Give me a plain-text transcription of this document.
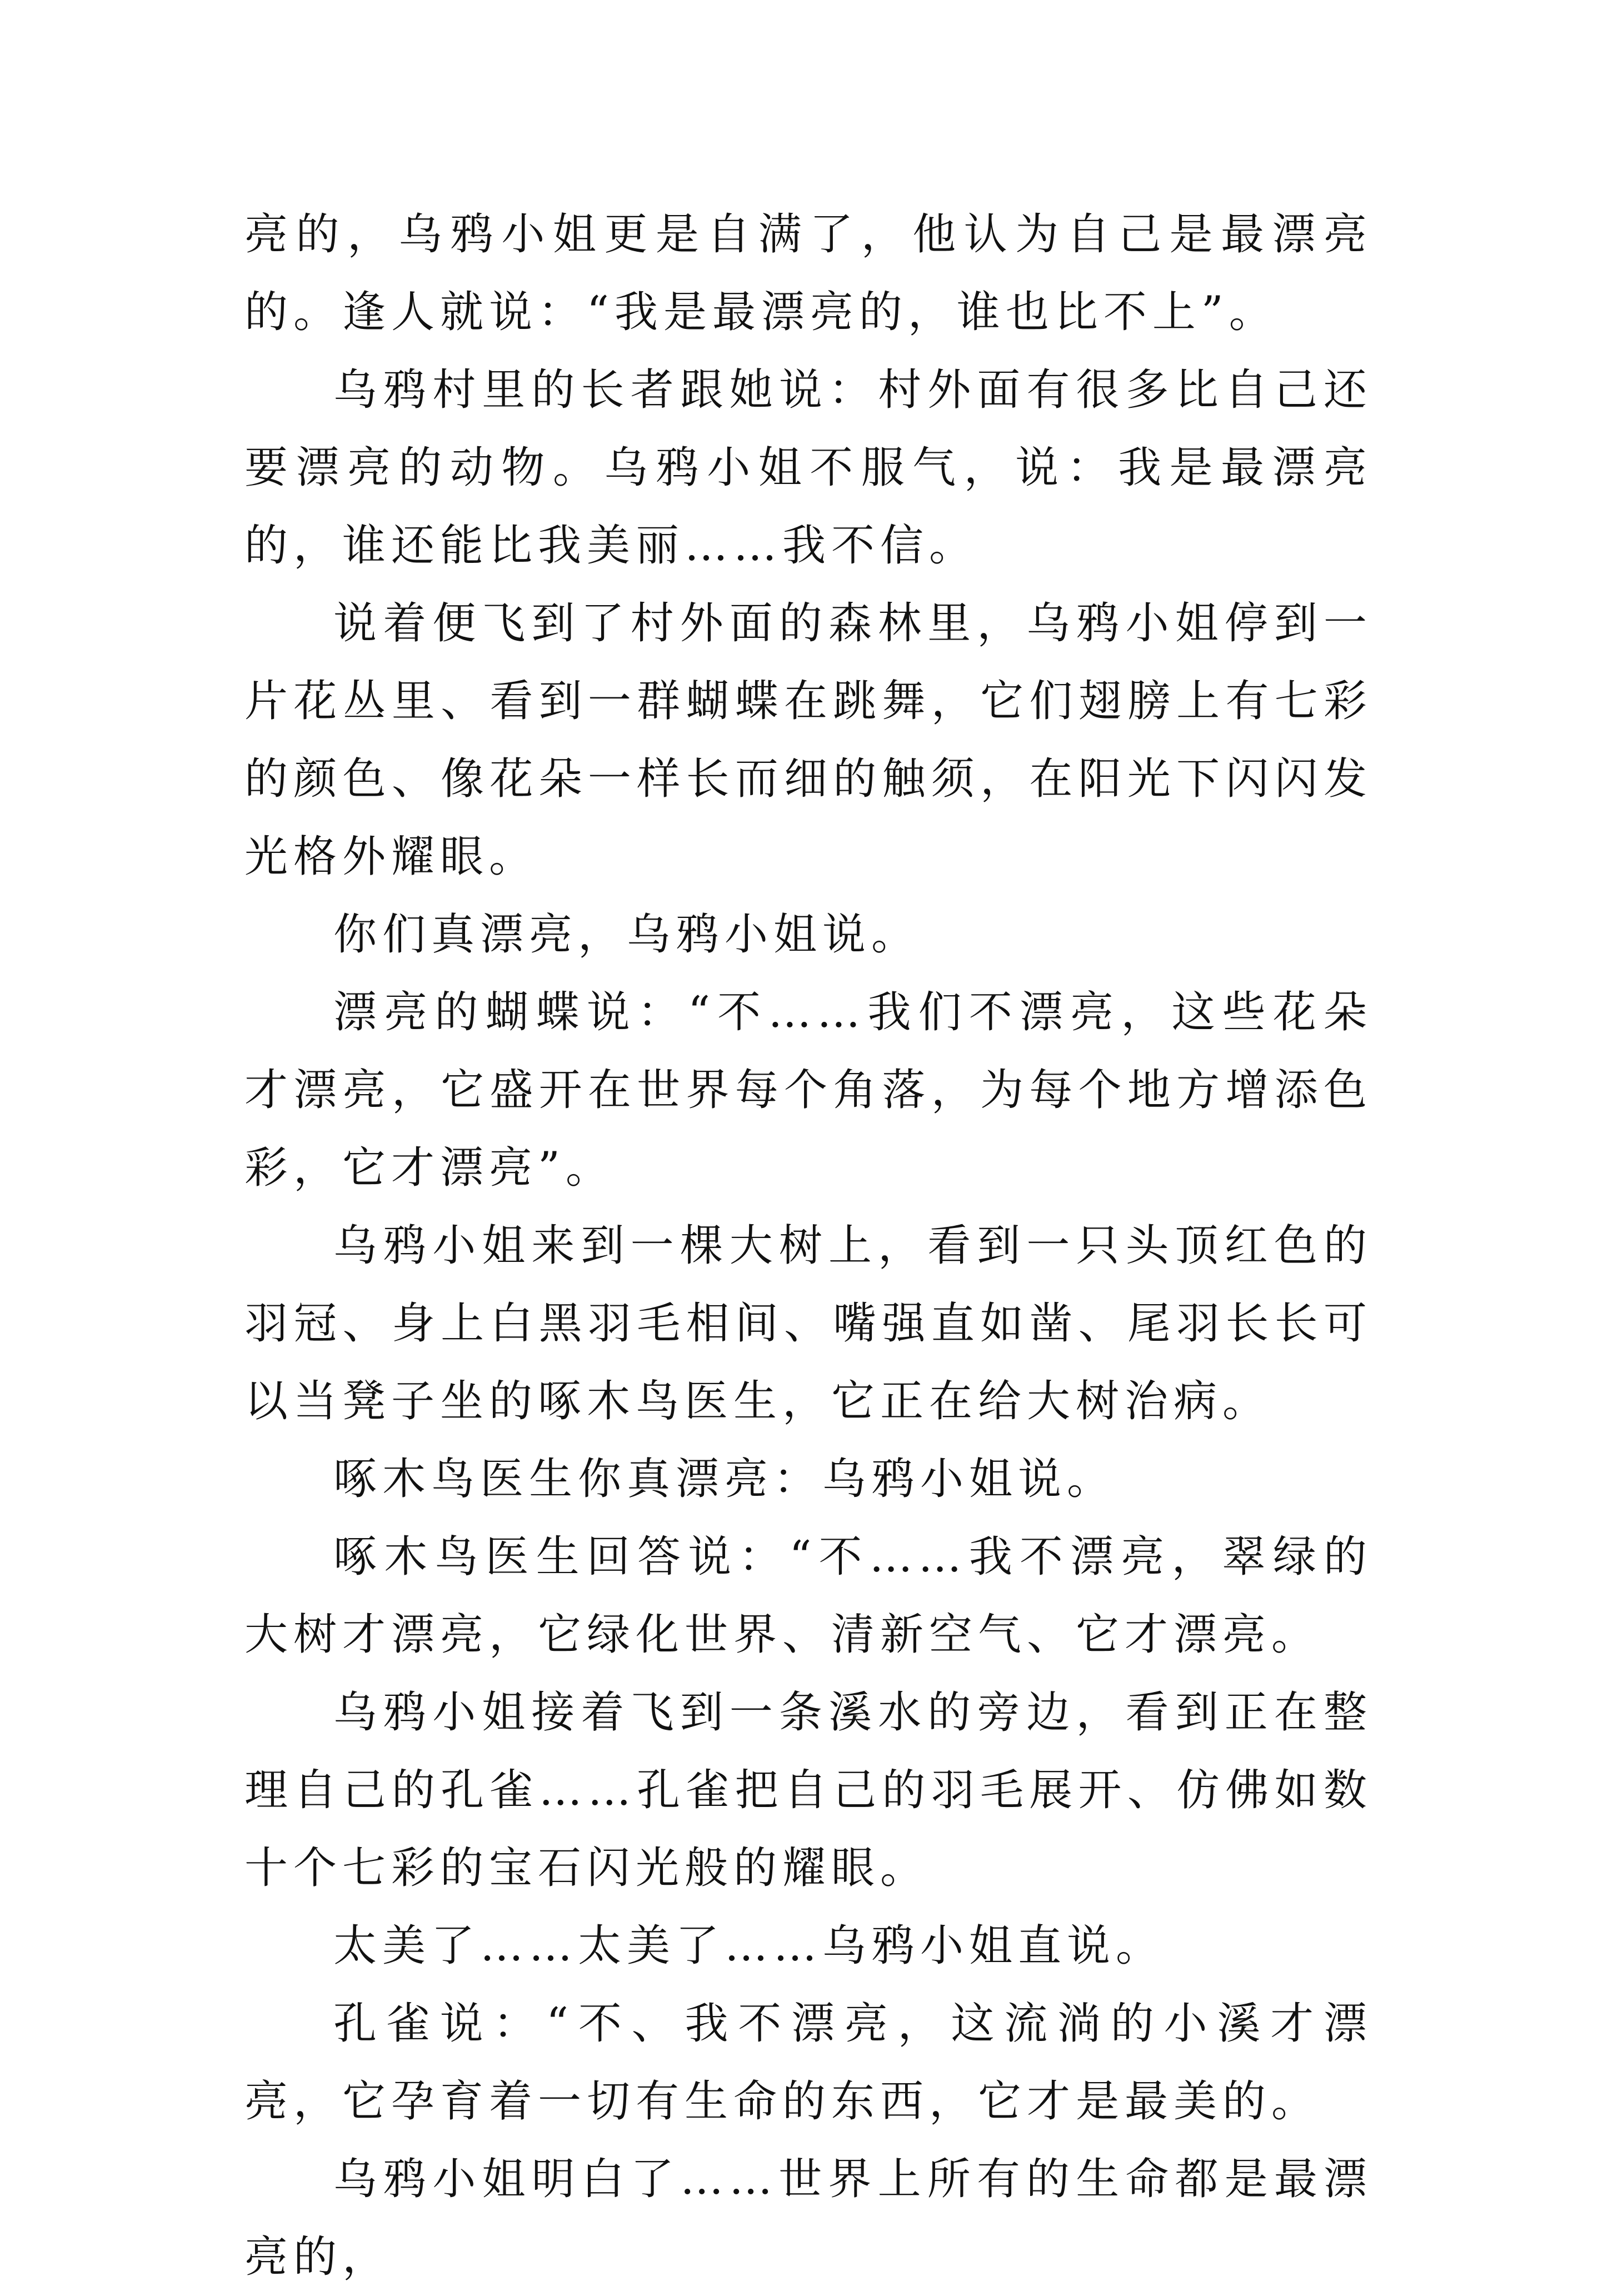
亮的，乌鸦小姐更是自满了，他认为自己是最漂亮的。逢人就说：“我是最漂亮的，谁也比不上”。

乌鸦村里的长者跟她说：村外面有很多比自己还要漂亮的动物。乌鸦小姐不服气，说：我是最漂亮的，谁还能比我美丽……我不信。

说着便飞到了村外面的森林里，乌鸦小姐停到一片花丛里、看到一群蝴蝶在跳舞，它们翅膀上有七彩的颜色、像花朵一样长而细的触须，在阳光下闪闪发光格外耀眼。

你们真漂亮，乌鸦小姐说。

漂亮的蝴蝶说：“不……我们不漂亮，这些花朵才漂亮，它盛开在世界每个角落，为每个地方增添色彩，它才漂亮”。

乌鸦小姐来到一棵大树上，看到一只头顶红色的羽冠、身上白黑羽毛相间、嘴强直如凿、尾羽长长可以当凳子坐的啄木鸟医生，它正在给大树治病。

啄木鸟医生你真漂亮：乌鸦小姐说。

啄木鸟医生回答说：“不……我不漂亮，翠绿的大树才漂亮，它绿化世界、清新空气、它才漂亮。

乌鸦小姐接着飞到一条溪水的旁边，看到正在整理自己的孔雀……孔雀把自己的羽毛展开、仿佛如数十个七彩的宝石闪光般的耀眼。

太美了……太美了……乌鸦小姐直说。

孔雀说：“不、我不漂亮，这流淌的小溪才漂亮，它孕育着一切有生命的东西，它才是最美的。

乌鸦小姐明白了……世界上所有的生命都是最漂亮的，
